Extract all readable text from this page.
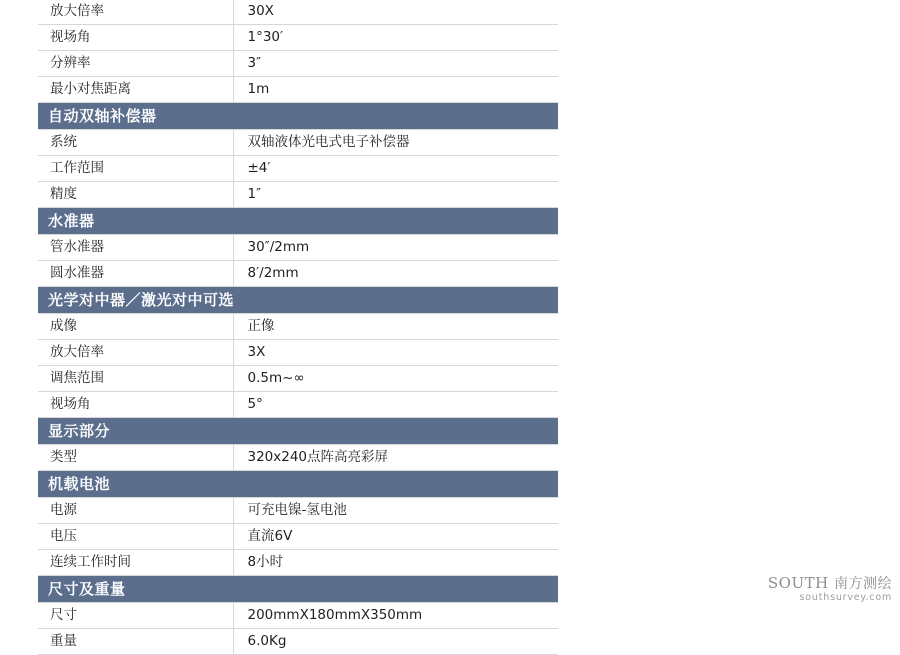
放大倍率	30X
视场角	1°30′
分辨率	3″
最小对焦距离	1m
自动双轴补偿器	
系统	双轴液体光电式电子补偿器
工作范围	±4′
精度	1″
水准器	
管水准器	30″/2mm
圆水准器	8′/2mm
光学对中器／激光对中可选	
成像	正像
放大倍率	3X
调焦范围	0.5m~∞
视场角	5°
显示部分	
类型	320x240点阵高亮彩屏
机载电池	
电源	可充电镍-氢电池
电压	直流6V
连续工作时间	8小时
尺寸及重量	
尺寸	200mmX180mmX350mm
重量	6.0Kg
SOUTH 南方测绘
southsurvey.com
